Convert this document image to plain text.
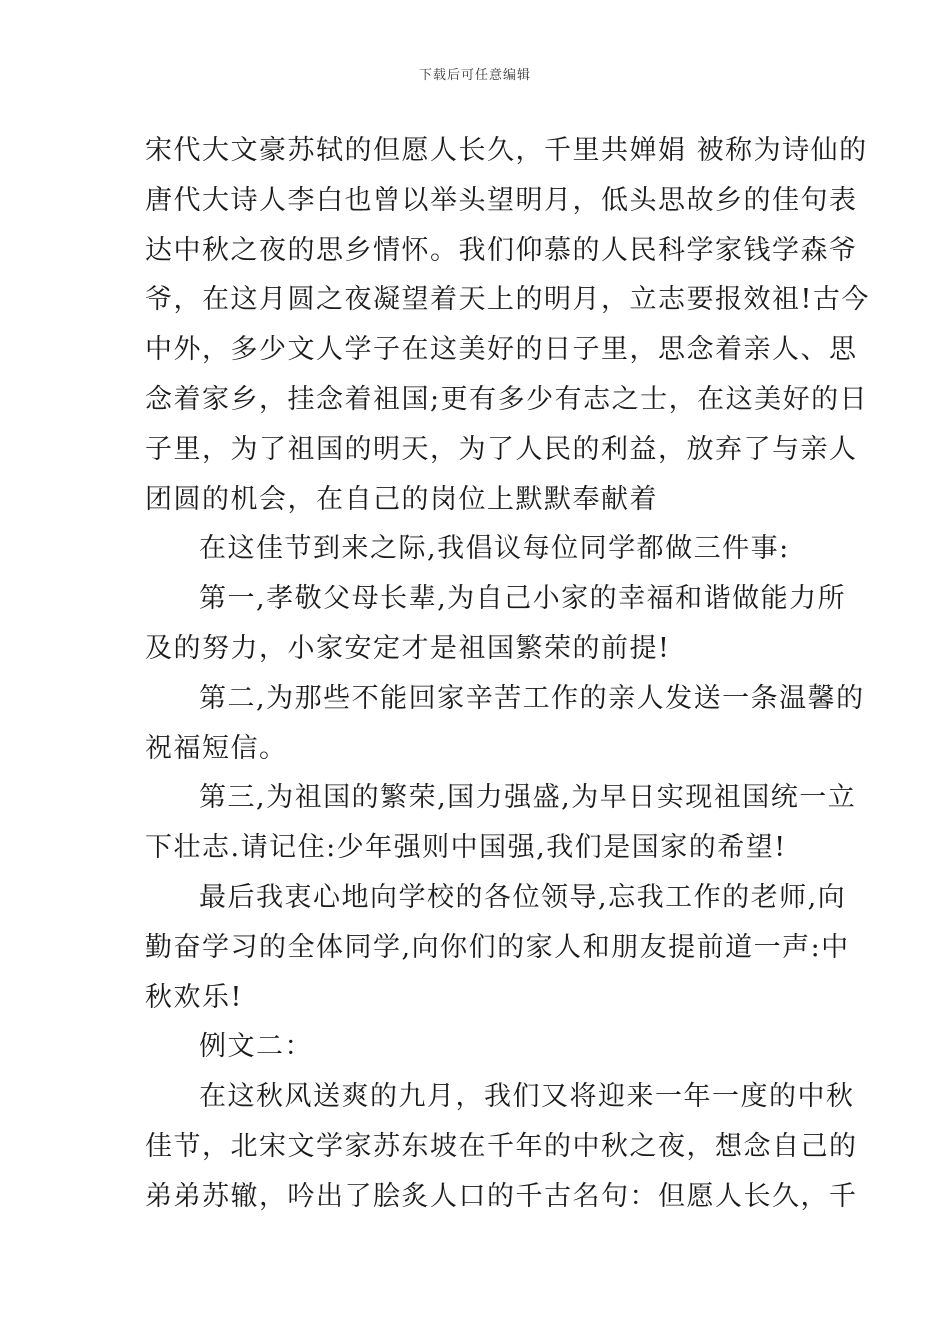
下载后可任意编辑

宋代大文豪苏轼的但愿人长久，千里共婵娟 被称为诗仙的
唐代大诗人李白也曾以举头望明月，低头思故乡的佳句表
达中秋之夜的思乡情怀。我们仰慕的人民科学家钱学森爷
爷，在这月圆之夜凝望着天上的明月，立志要报效祖!古今
中外，多少文人学子在这美好的日子里，思念着亲人、思
念着家乡，挂念着祖国;更有多少有志之士，在这美好的日
子里，为了祖国的明天，为了人民的利益，放弃了与亲人
团圆的机会，在自己的岗位上默默奉献着

在这佳节到来之际,我倡议每位同学都做三件事:

第一,孝敬父母长辈,为自己小家的幸福和谐做能力所
及的努力，小家安定才是祖国繁荣的前提!

第二,为那些不能回家辛苦工作的亲人发送一条温馨的
祝福短信。

第三,为祖国的繁荣,国力强盛,为早日实现祖国统一立
下壮志.请记住:少年强则中国强,我们是国家的希望!

最后我衷心地向学校的各位领导,忘我工作的老师,向
勤奋学习的全体同学,向你们的家人和朋友提前道一声:中
秋欢乐!

例文二：

在这秋风送爽的九月，我们又将迎来一年一度的中秋
佳节，北宋文学家苏东坡在千年的中秋之夜，想念自己的
弟弟苏辙，吟出了脍炙人口的千古名句：但愿人长久，千
